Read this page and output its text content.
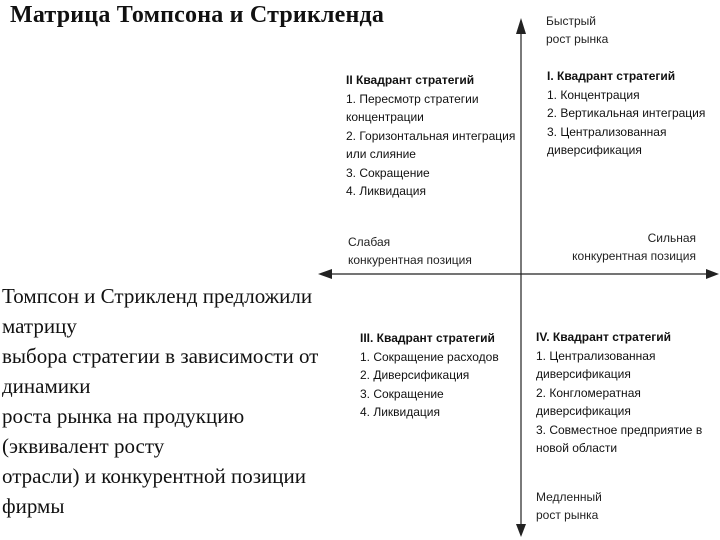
Матрица Томпсона и Стрикленда
Томпсон и Стрикленд предложили
матрицу
выбора стратегии в зависимости от
динамики
роста рынка на продукцию
(эквивалент росту
отрасли) и конкурентной позиции
фирмы
Быстрый
рост рынка
Медленный
рост рынка
Слабая
конкурентная позиция
Сильная
конкурентная позиция
II Квадрант стратегий
1. Пересмотр стратегии
концентрации
2. Горизонтальная интеграция
или слияние
3. Сокращение
4. Ликвидация
I. Квадрант стратегий
1. Концентрация
2. Вертикальная интеграция
3. Централизованная
диверсификация
III. Квадрант стратегий
1. Сокращение расходов
2. Диверсификация
3. Сокращение
4. Ликвидация
IV. Квадрант стратегий
1. Централизованная
диверсификация
2. Конгломератная
диверсификация
3. Совместное предприятие в
новой области
